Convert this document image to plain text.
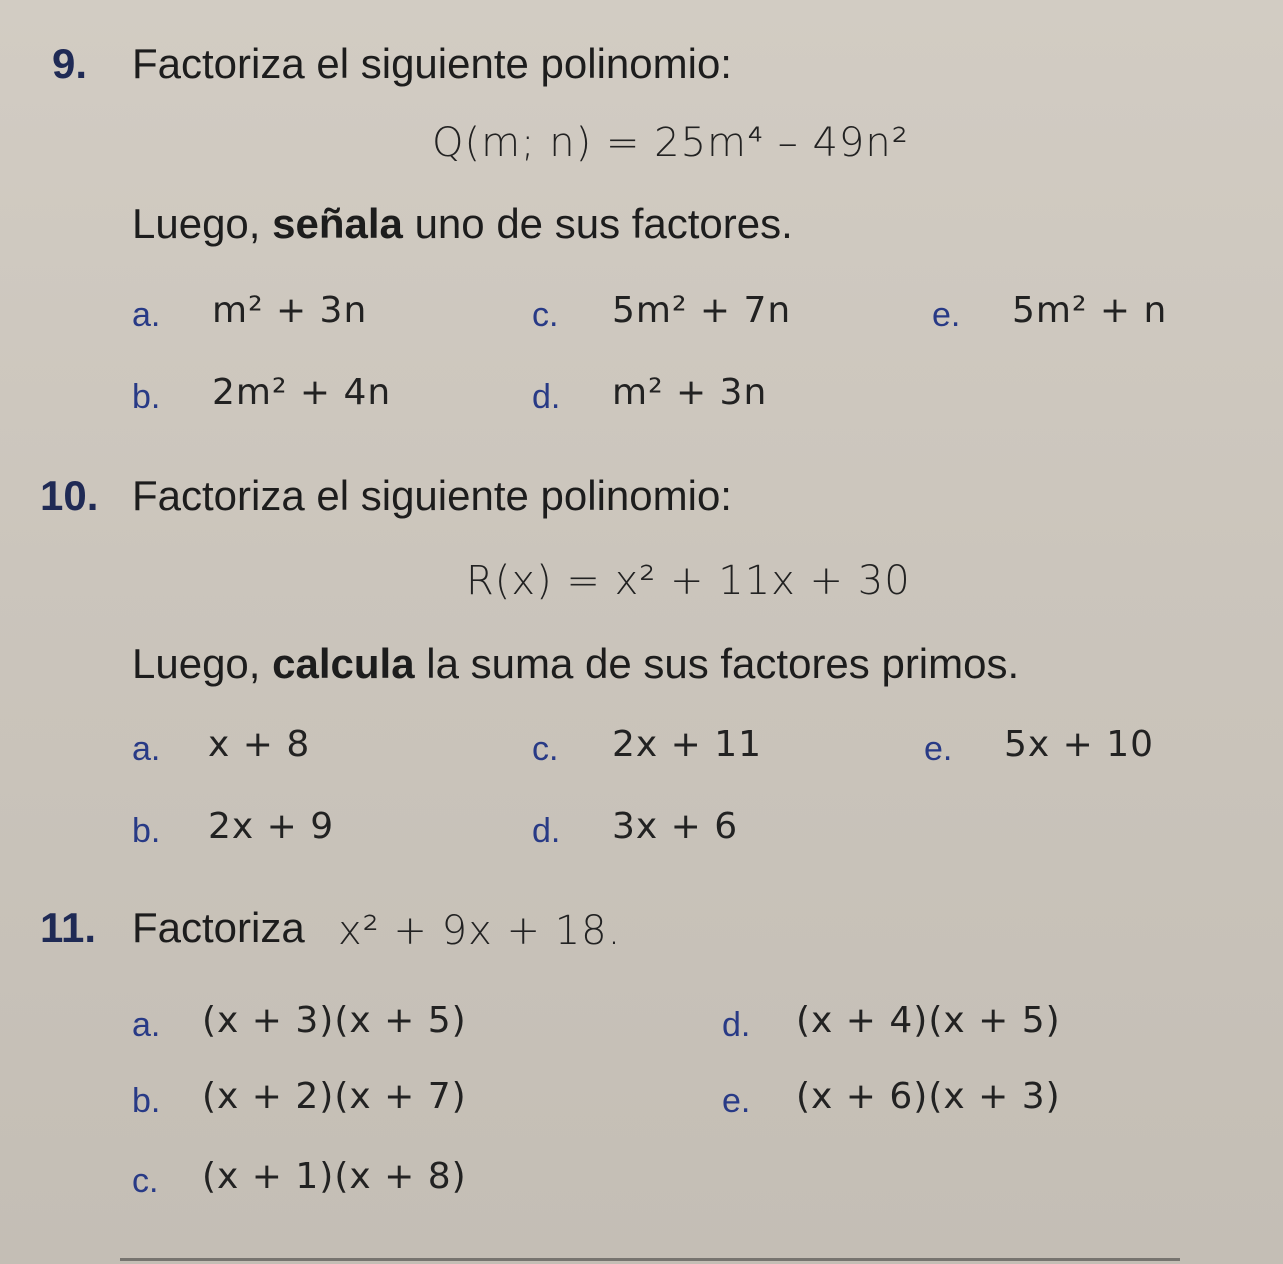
9. Factoriza el siguiente polinomio:
Q(m; n) = 25m⁴ – 49n²
Luego, señala uno de sus factores.
a. m² + 3n
b. 2m² + 4n
c. 5m² + 7n
d. m² + 3n
e. 5m² + n
10. Factoriza el siguiente polinomio:
R(x) = x² + 11x + 30
Luego, calcula la suma de sus factores primos.
a. x + 8
b. 2x + 9
c. 2x + 11
d. 3x + 6
e. 5x + 10
11. Factoriza x² + 9x + 18.
a. (x + 3)(x + 5)
b. (x + 2)(x + 7)
c. (x + 1)(x + 8)
d. (x + 4)(x + 5)
e. (x + 6)(x + 3)
